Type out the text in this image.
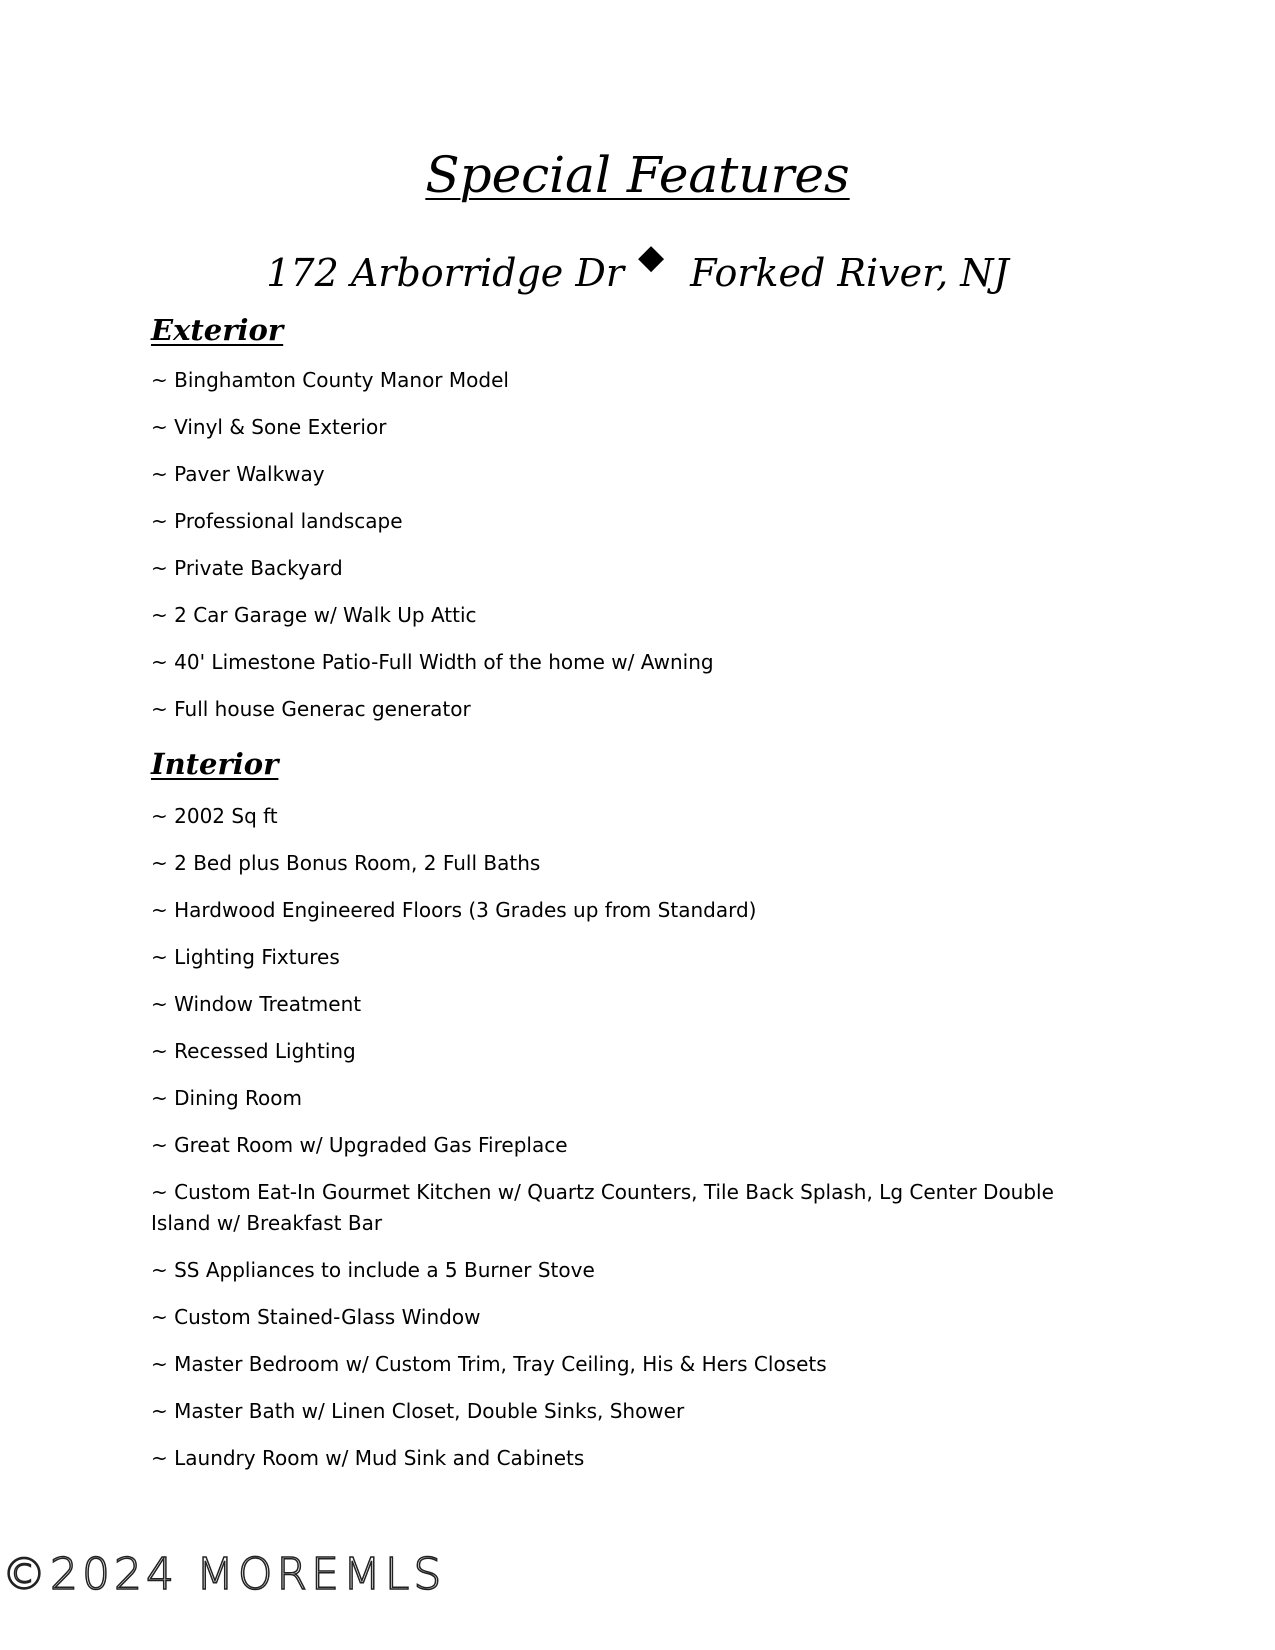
Special Features
172 Arborridge Dr ◆ Forked River, NJ
Exterior
~ Binghamton County Manor Model
~ Vinyl & Sone Exterior
~ Paver Walkway
~ Professional landscape
~ Private Backyard
~ 2 Car Garage w/ Walk Up Attic
~ 40' Limestone Patio-Full Width of the home w/ Awning
~ Full house Generac generator
Interior
~ 2002 Sq ft
~ 2 Bed plus Bonus Room, 2 Full Baths
~ Hardwood Engineered Floors (3 Grades up from Standard)
~ Lighting Fixtures
~ Window Treatment
~ Recessed Lighting
~ Dining Room
~ Great Room w/ Upgraded Gas Fireplace
~ Custom Eat-In Gourmet Kitchen w/ Quartz Counters, Tile Back Splash, Lg Center Double Island w/ Breakfast Bar
~ SS Appliances to include a 5 Burner Stove
~ Custom Stained-Glass Window
~ Master Bedroom w/ Custom Trim, Tray Ceiling, His & Hers Closets
~ Master Bath w/ Linen Closet, Double Sinks, Shower
~ Laundry Room w/ Mud Sink and Cabinets
©2024 MOREMLS
